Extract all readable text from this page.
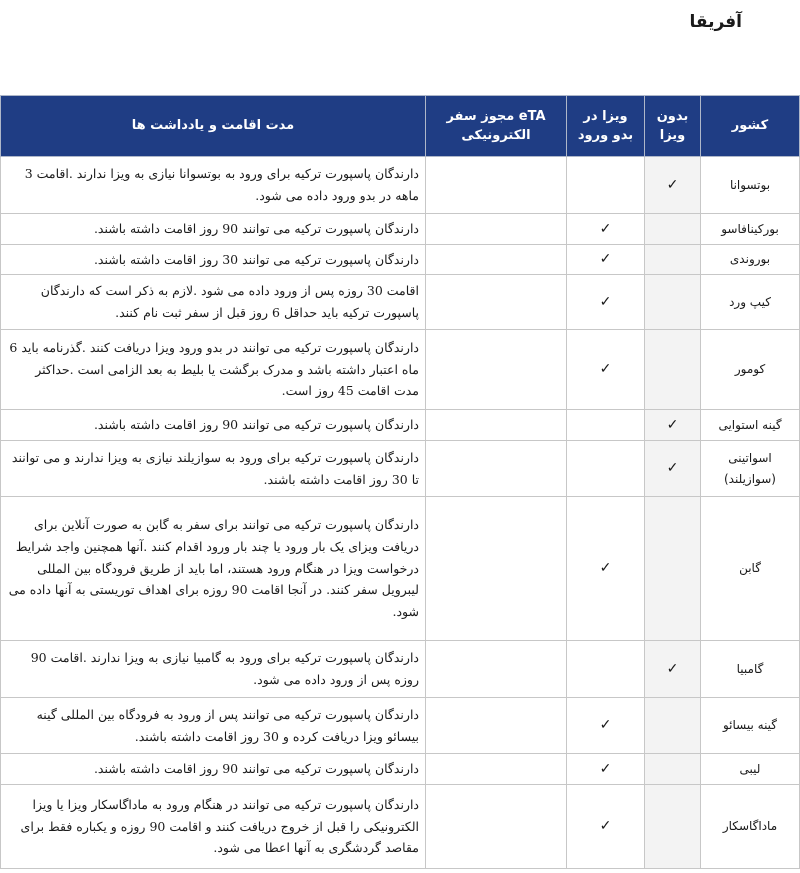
آفریقا
کشور	بدون ویزا	ویزا در بدو ورود	eTA مجوز سفر الکترونیکی	مدت اقامت و یادداشت ها
بوتسوانا	✓			دارندگان پاسپورت ترکیه برای ورود به بوتسوانا نیازی به ویزا ندارند .اقامت 3 ماهه در بدو ورود داده می شود.
بورکینافاسو		✓		دارندگان پاسپورت ترکیه می توانند 90 روز اقامت داشته باشند.
بوروندی		✓		دارندگان پاسپورت ترکیه می توانند 30 روز اقامت داشته باشند.
کیپ ورد		✓		اقامت 30 روزه پس از ورود داده می شود .لازم به ذکر است که دارندگان پاسپورت ترکیه باید حداقل 6 روز قبل از سفر ثبت نام کنند.
کومور		✓		دارندگان پاسپورت ترکیه می توانند در بدو ورود ویزا دریافت کنند .گذرنامه باید 6 ماه اعتبار داشته باشد و مدرک برگشت یا بلیط به بعد الزامی است .حداکثر مدت اقامت 45 روز است.
گینه استوایی	✓			دارندگان پاسپورت ترکیه می توانند 90 روز اقامت داشته باشند.
اسواتینی (سوازیلند)	✓			دارندگان پاسپورت ترکیه برای ورود به سوازیلند نیازی به ویزا ندارند و می توانند تا 30 روز اقامت داشته باشند.
گابن		✓		دارندگان پاسپورت ترکیه می توانند برای سفر به گابن به صورت آنلاین برای دریافت ویزای یک بار ورود یا چند بار ورود اقدام کنند .آنها همچنین واجد شرایط درخواست ویزا در هنگام ورود هستند، اما باید از طریق فرودگاه بین المللی لیبرویل سفر کنند. در آنجا اقامت 90 روزه برای اهداف توریستی به آنها داده می شود.
گامبیا	✓			دارندگان پاسپورت ترکیه برای ورود به گامبیا نیازی به ویزا ندارند .اقامت 90 روزه پس از ورود داده می شود.
گینه بیسائو		✓		دارندگان پاسپورت ترکیه می توانند پس از ورود به فرودگاه بین المللی گینه بیسائو ویزا دریافت کرده و 30 روز اقامت داشته باشند.
لیبی		✓		دارندگان پاسپورت ترکیه می توانند 90 روز اقامت داشته باشند.
ماداگاسکار		✓		دارندگان پاسپورت ترکیه می توانند در هنگام ورود به ماداگاسکار ویزا یا ویزا الکترونیکی را قبل از خروج دریافت کنند و اقامت 90 روزه و یکباره فقط برای مقاصد گردشگری به آنها اعطا می شود.
